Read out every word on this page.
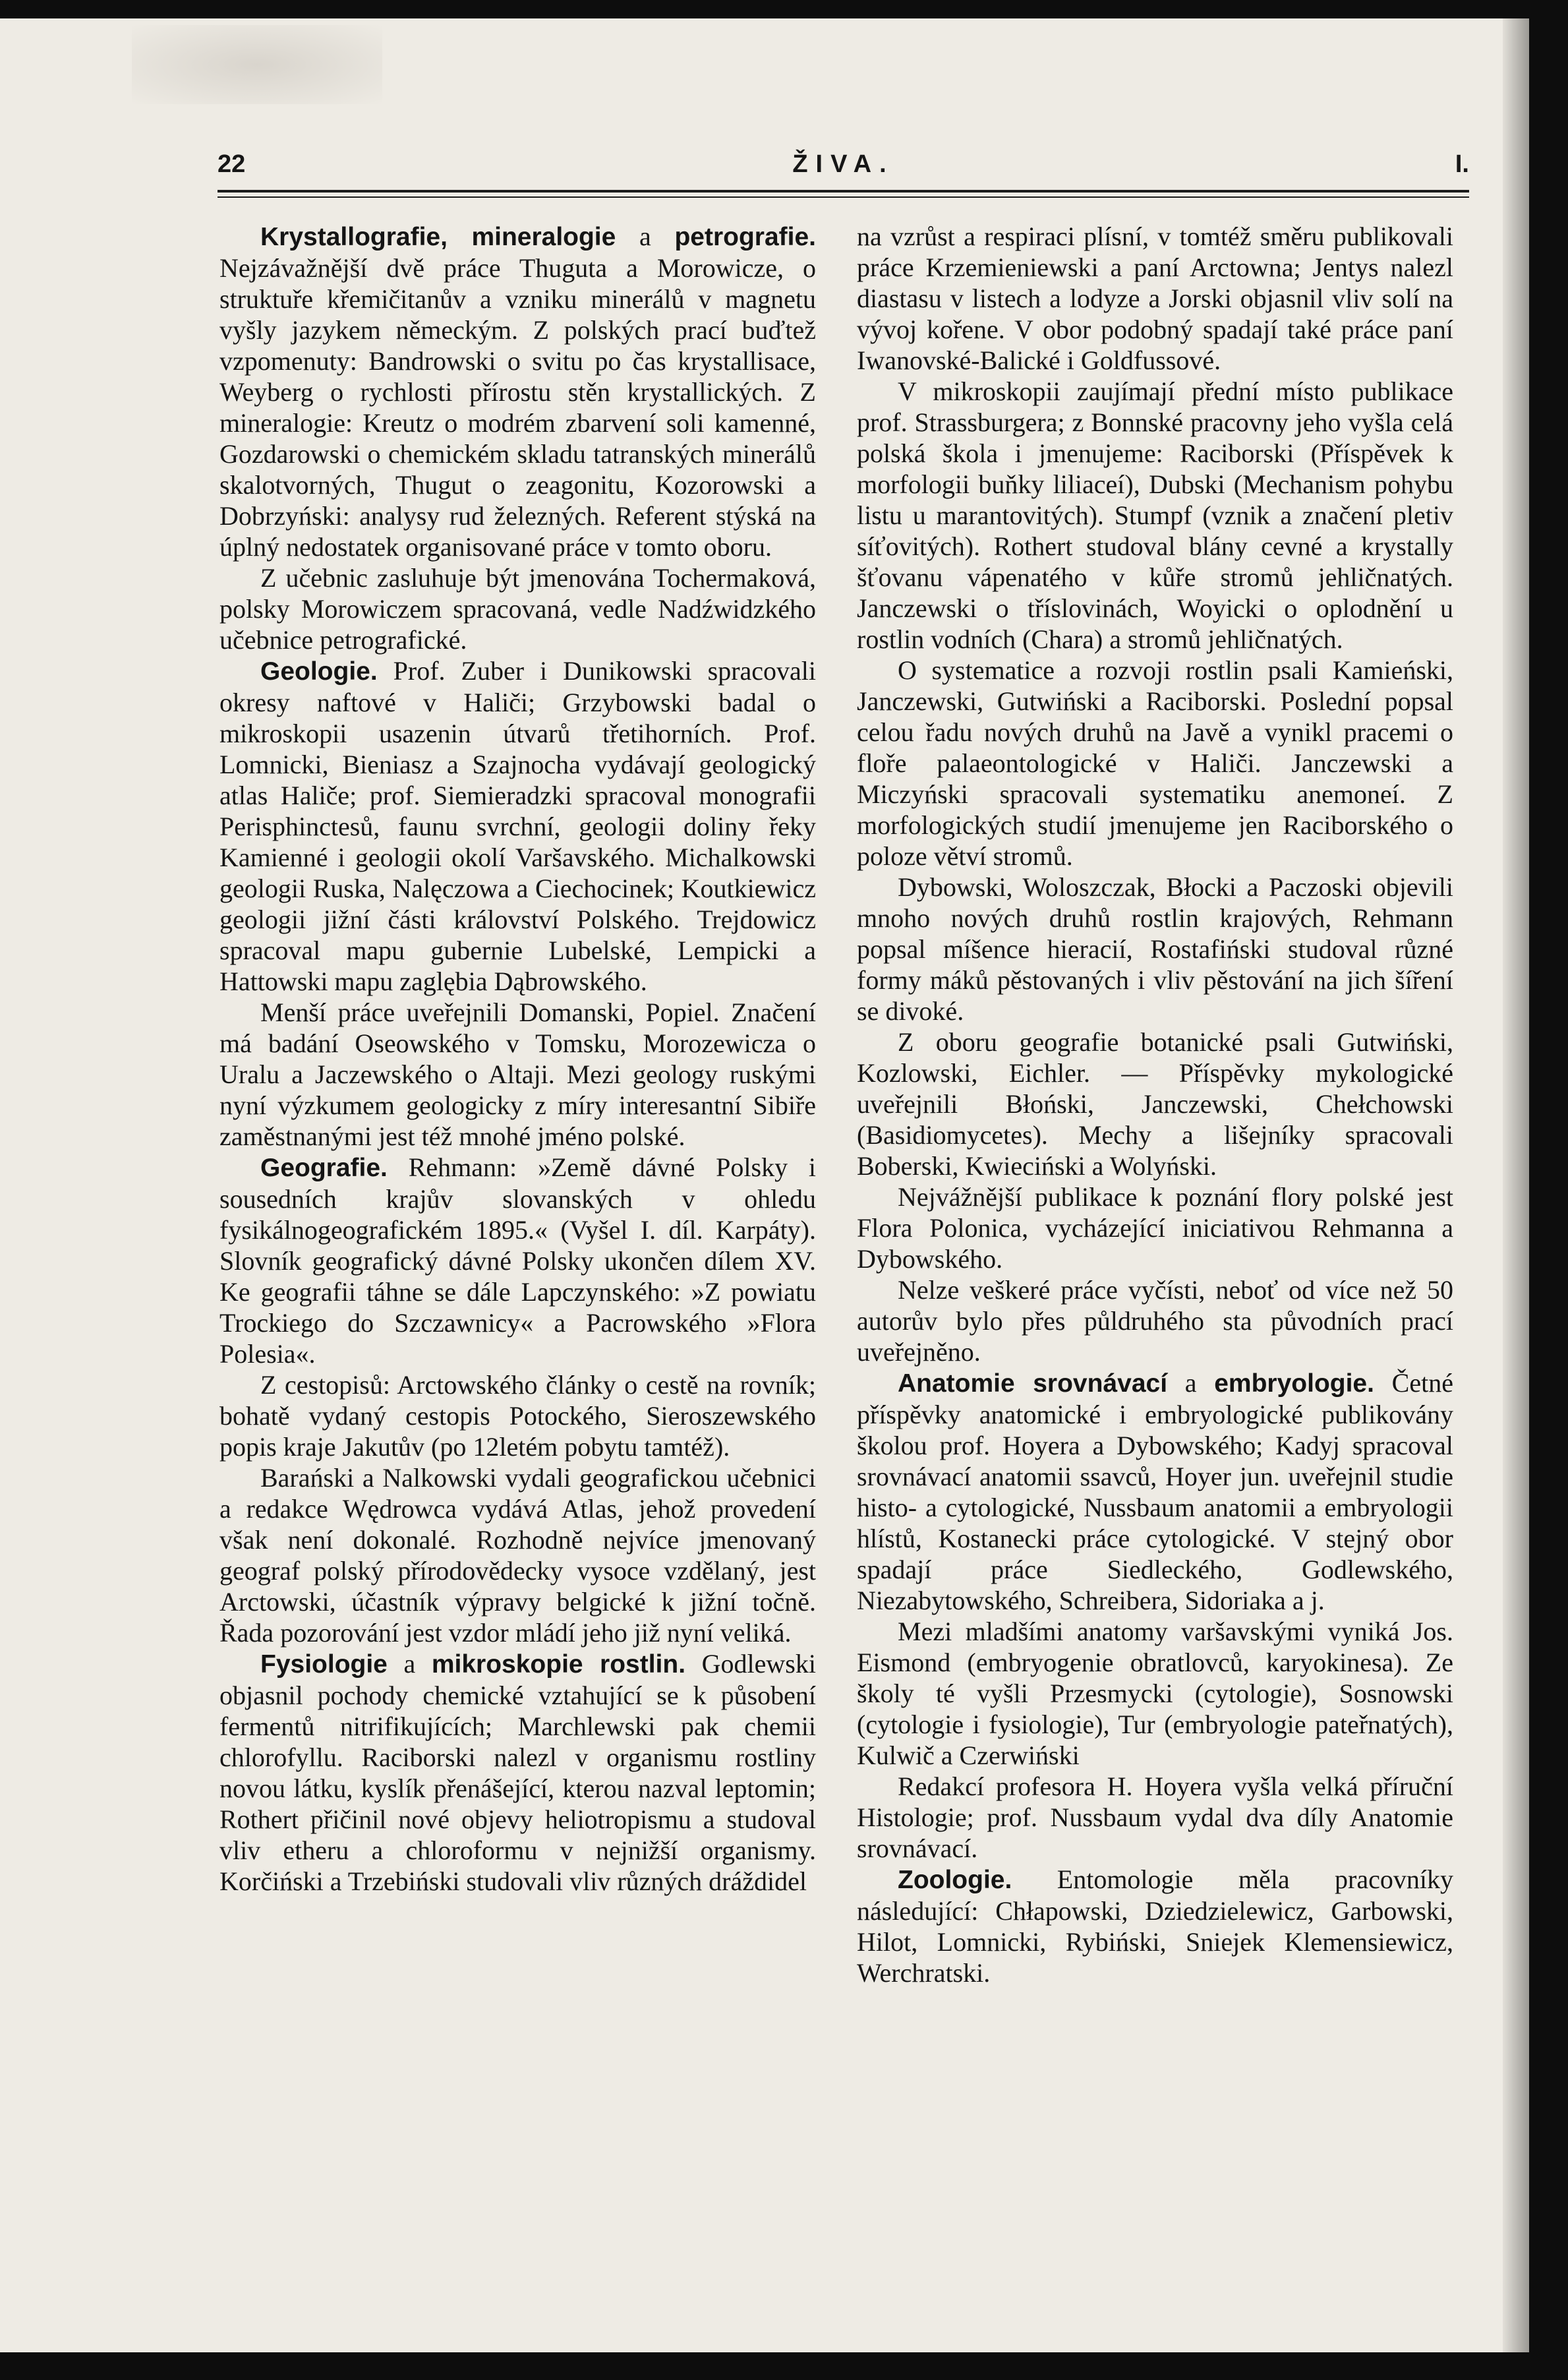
22	ŽIVA.	I.

Krystallografie, mineralogie a petrografie. Nejzávažnější dvě práce Thuguta a Morowicze, o struktuře křemičitanův a vzniku minerálů v magnetu vyšly jazykem německým. Z polských prací buďtež vzpomenuty: Bandrowski o svitu po čas krystallisace, Weyberg o rychlosti přírostu stěn krystallických. Z mineralogie: Kreutz o modrém zbarvení soli kamenné, Gozdarowski o chemickém skladu tatranských minerálů skalotvorných, Thugut o zeagonitu, Kozorowski a Dobrzyński: analysy rud železných. Referent stýská na úplný nedostatek organisované práce v tomto oboru.

Z učebnic zasluhuje být jmenována Tochermaková, polsky Morowiczem spracovaná, vedle Nadźwidzkého učebnice petrografické.

Geologie. Prof. Zuber i Dunikowski spracovali okresy naftové v Haliči; Grzybowski badal o mikroskopii usazenin útvarů třetihorních. Prof. Lomnicki, Bieniasz a Szajnocha vydávají geologický atlas Haliče; prof. Siemieradzki spracoval monografii Perisphinctesů, faunu svrchní, geologii doliny řeky Kamienné i geologii okolí Varšavského. Michalkowski geologii Ruska, Nalęczowa a Ciechocinek; Koutkiewicz geologii jižní části království Polského. Trejdowicz spracoval mapu gubernie Lubelské, Lempicki a Hattowski mapu zaglębia Dąbrowského.

Menší práce uveřejnili Domanski, Popiel. Značení má badání Oseowského v Tomsku, Morozewicza o Uralu a Jaczewského o Altaji. Mezi geology ruskými nyní výzkumem geologicky z míry interesantní Sibiře zaměstnanými jest též mnohé jméno polské.

Geografie. Rehmann: »Země dávné Polsky i sousedních krajův slovanských v ohledu fysikálnogeografickém 1895.« (Vyšel I. díl. Karpáty). Slovník geografický dávné Polsky ukončen dílem XV. Ke geografii táhne se dále Lapczynského: »Z powiatu Trockiego do Szczawnicy« a Pacrowského »Flora Polesia«.

Z cestopisů: Arctowského články o cestě na rovník; bohatě vydaný cestopis Potockého, Sieroszewského popis kraje Jakutův (po 12letém pobytu tamtéž).

Barański a Nalkowski vydali geografickou učebnici a redakce Wędrowca vydává Atlas, jehož provedení však není dokonalé. Rozhodně nejvíce jmenovaný geograf polský přírodovědecky vysoce vzdělaný, jest Arctowski, účastník výpravy belgické k jižní točně. Řada pozorování jest vzdor mládí jeho již nyní veliká.

Fysiologie a mikroskopie rostlin. Godlewski objasnil pochody chemické vztahující se k působení fermentů nitrifikujících; Marchlewski pak chemii chlorofyllu. Raciborski nalezl v organismu rostliny novou látku, kyslík přenášející, kterou nazval leptomin; Rothert přičinil nové objevy heliotropismu a studoval vliv etheru a chloroformu v nejnižší organismy. Korčiński a Trzebiński studovali vliv různých dráždidel

na vzrůst a respiraci plísní, v tomtéž směru publikovali práce Krzemieniewski a paní Arctowna; Jentys nalezl diastasu v listech a lodyze a Jorski objasnil vliv solí na vývoj kořene. V obor podobný spadají také práce paní Iwanovské-Balické i Goldfussové.

V mikroskopii zaujímají přední místo publikace prof. Strassburgera; z Bonnské pracovny jeho vyšla celá polská škola i jmenujeme: Raciborski (Příspěvek k morfologii buňky liliaceí), Dubski (Mechanism pohybu listu u marantovitých). Stumpf (vznik a značení pletiv síťovitých). Rothert studoval blány cevné a krystally šťovanu vápenatého v kůře stromů jehličnatých. Janczewski o tříslovinách, Woyicki o oplodnění u rostlin vodních (Chara) a stromů jehličnatých.

O systematice a rozvoji rostlin psali Kamieński, Janczewski, Gutwiński a Raciborski. Poslední popsal celou řadu nových druhů na Javě a vynikl pracemi o floře palaeontologické v Haliči. Janczewski a Miczyński spracovali systematiku anemoneí. Z morfologických studií jmenujeme jen Raciborského o poloze větví stromů.

Dybowski, Woloszczak, Błocki a Paczoski objevili mnoho nových druhů rostlin krajových, Rehmann popsal míšence hieracií, Rostafiński studoval různé formy máků pěstovaných i vliv pěstování na jich šíření se divoké.

Z oboru geografie botanické psali Gutwiński, Kozlowski, Eichler. — Příspěvky mykologické uveřejnili Błoński, Janczewski, Chełchowski (Basidiomycetes). Mechy a lišejníky spracovali Boberski, Kwieciński a Wolyński.

Nejvážnější publikace k poznání flory polské jest Flora Polonica, vycházející iniciativou Rehmanna a Dybowského.

Nelze veškeré práce vyčísti, neboť od více než 50 autorův bylo přes půldruhého sta původních prací uveřejněno.

Anatomie srovnávací a embryologie. Četné příspěvky anatomické i embryologické publikovány školou prof. Hoyera a Dybowského; Kadyj spracoval srovnávací anatomii ssavců, Hoyer jun. uveřejnil studie histo- a cytologické, Nussbaum anatomii a embryologii hlístů, Kostanecki práce cytologické. V stejný obor spadají práce Siedleckého, Godlewského, Niezabytowského, Schreibera, Sidoriaka a j.

Mezi mladšími anatomy varšavskými vyniká Jos. Eismond (embryogenie obratlovců, karyokinesa). Ze školy té vyšli Przesmycki (cytologie), Sosnowski (cytologie i fysiologie), Tur (embryologie pateřnatých), Kulwič a Czerwiński

Redakcí profesora H. Hoyera vyšla velká příruční Histologie; prof. Nussbaum vydal dva díly Anatomie srovnávací.

Zoologie. Entomologie měla pracovníky následující: Chłapowski, Dziedzielewicz, Garbowski, Hilot, Lomnicki, Rybiński, Sniejek Klemensiewicz, Werchratski.
